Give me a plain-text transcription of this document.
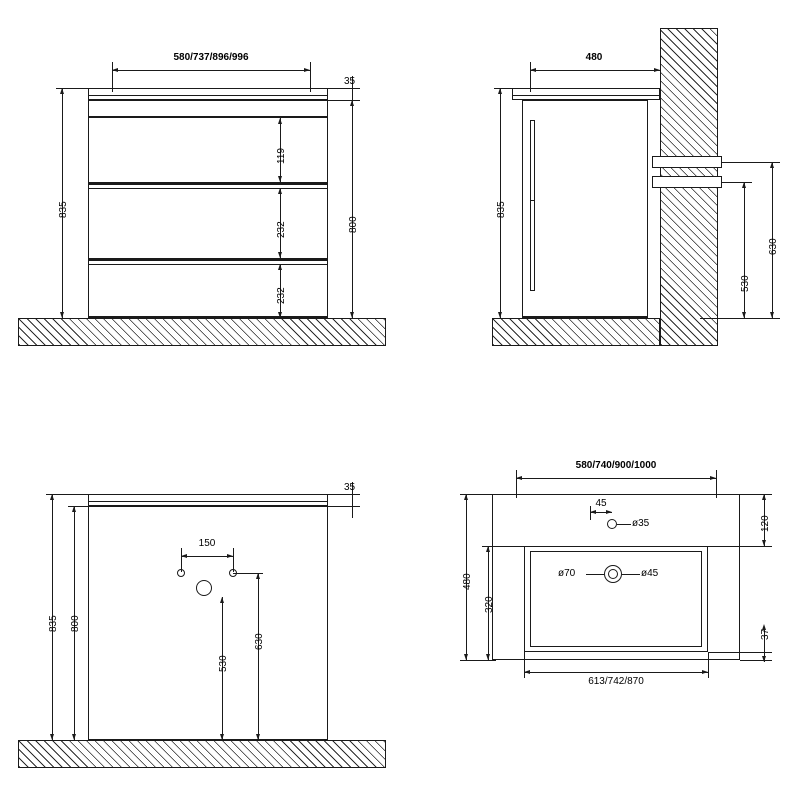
580/737/896/996
35
835
800
119
232
232
480
835
630
530
35
150
835 800
630
530
580/740/900/1000
45
ø35	120
ø70	ø45
480
320
37
613/742/870
